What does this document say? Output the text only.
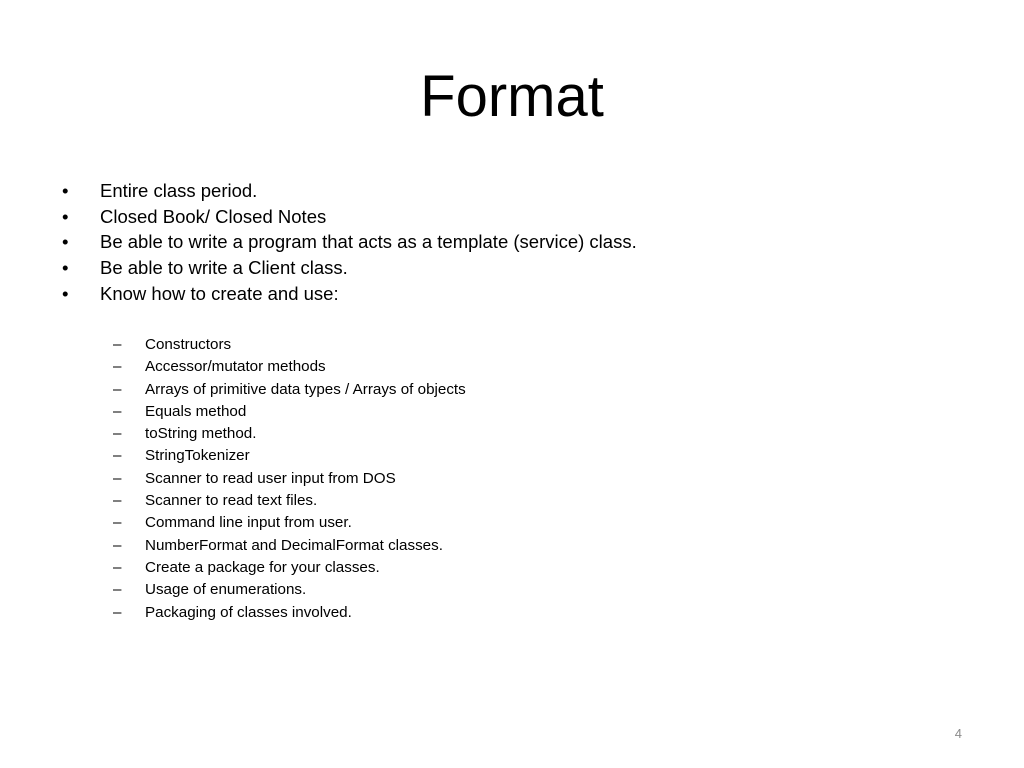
Format
•	Entire class period.
•	Closed Book/ Closed Notes
•	Be able to write a program that acts as a template (service) class.
•	Be able to write a Client class.
•	Know how to create and use:
– Constructors
– Accessor/mutator methods
– Arrays of primitive data types / Arrays of objects
– Equals method
– toString method.
– StringTokenizer
– Scanner to read user input from DOS
– Scanner to read text files.
– Command line input from user.
– NumberFormat and DecimalFormat classes.
– Create a package for your classes.
– Usage of enumerations.
– Packaging of classes involved.
4
